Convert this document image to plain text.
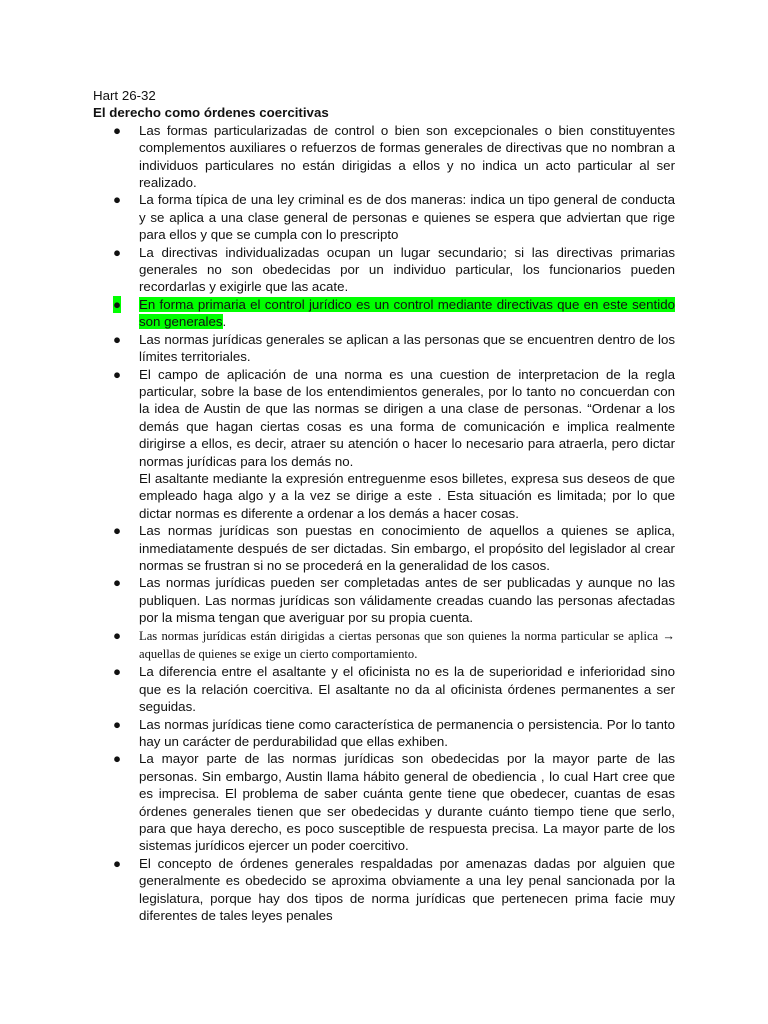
Hart 26-32
El derecho como órdenes coercitivas
● Las formas particularizadas de control o bien son excepcionales o bien constituyentes complementos auxiliares o refuerzos de formas generales de directivas que no nombran a individuos particulares no están dirigidas a ellos y no indica un acto particular al ser realizado.
● La forma típica de una ley criminal es de dos maneras: indica un tipo general de conducta y se aplica a una clase general de personas e quienes se espera que adviertan que rige para ellos y que se cumpla con lo prescripto
● La directivas individualizadas ocupan un lugar secundario; si las directivas primarias generales no son obedecidas por un individuo particular, los funcionarios pueden recordarlas y exigirle que las acate.
● En forma primaria el control jurídico es un control mediante directivas que en este sentido son generales.
● Las normas jurídicas generales se aplican a las personas que se encuentren dentro de los límites territoriales.
● El campo de aplicación de una norma es una cuestion de interpretacion de la regla particular, sobre la base de los entendimientos generales, por lo tanto no concuerdan con la idea de Austin de que las normas se dirigen a una clase de personas. “Ordenar a los demás que hagan ciertas cosas es una forma de comunicación e implica realmente dirigirse a ellos, es decir, atraer su atención o hacer lo necesario para atraerla, pero dictar normas jurídicas para los demás no.
El asaltante mediante la expresión entreguenme esos billetes, expresa sus deseos de que empleado haga algo y a la vez se dirige a este . Esta situación es limitada; por lo que dictar normas es diferente a ordenar a los demás a hacer cosas.
● Las normas jurídicas son puestas en conocimiento de aquellos a quienes se aplica, inmediatamente después de ser dictadas. Sin embargo, el propósito del legislador al crear normas se frustran si no se procederá en la generalidad de los casos.
● Las normas jurídicas pueden ser completadas antes de ser publicadas y aunque no las publiquen. Las normas jurídicas son válidamente creadas cuando las personas afectadas por la misma tengan que averiguar por su propia cuenta.
● Las normas jurídicas están dirigidas a ciertas personas que son quienes la norma particular se aplica → aquellas de quienes se exige un cierto comportamiento.
● La diferencia entre el asaltante y el oficinista no es la de superioridad e inferioridad sino que es la relación coercitiva. El asaltante no da al oficinista órdenes permanentes a ser seguidas.
● Las normas jurídicas tiene como característica de permanencia o persistencia. Por lo tanto hay un carácter de perdurabilidad que ellas exhiben.
● La mayor parte de las normas jurídicas son obedecidas por la mayor parte de las personas. Sin embargo, Austin llama hábito general de obediencia , lo cual Hart cree que es imprecisa. El problema de saber cuánta gente tiene que obedecer, cuantas de esas órdenes generales tienen que ser obedecidas y durante cuánto tiempo tiene que serlo, para que haya derecho, es poco susceptible de respuesta precisa. La mayor parte de los sistemas jurídicos ejercer un poder coercitivo.
● El concepto de órdenes generales respaldadas por amenazas dadas por alguien que generalmente es obedecido se aproxima obviamente a una ley penal sancionada por la legislatura, porque hay dos tipos de norma jurídicas que pertenecen prima facie muy diferentes de tales leyes penales
